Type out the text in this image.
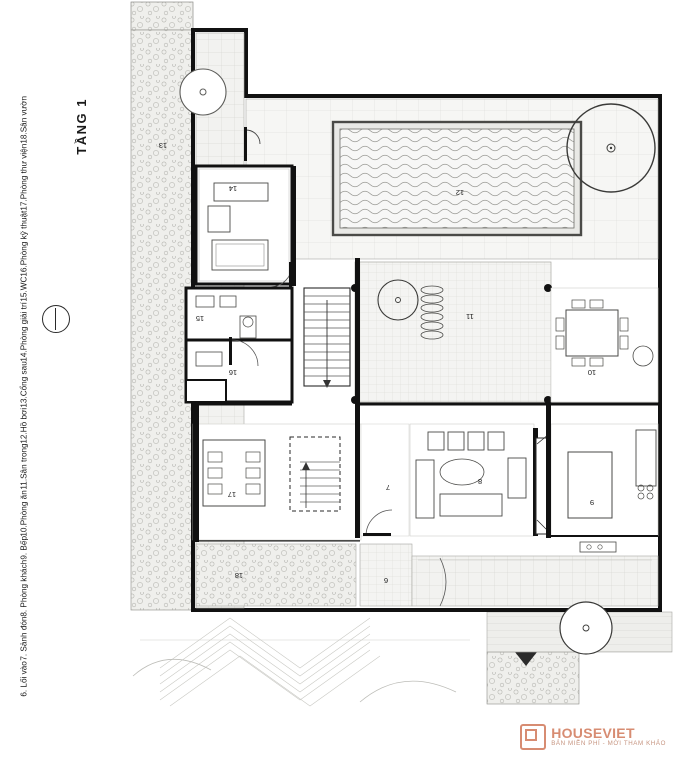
13
14
15
16
12
11
10
7
8
9
6
17
18
TẦNG 1
6. Lối vào
7. Sảnh đón
8. Phòng khách
9. Bếp
10.Phòng ăn
11.Sân trong
12.Hồ bơi
13.Cổng sau
14.Phòng giải trí
15.WC
16.Phòng kỹ thuật
17.Phòng thư viện
18.Sân vườn
HOUSEVIET
BẢN MIỄN PHÍ - MỜI THAM KHẢO
